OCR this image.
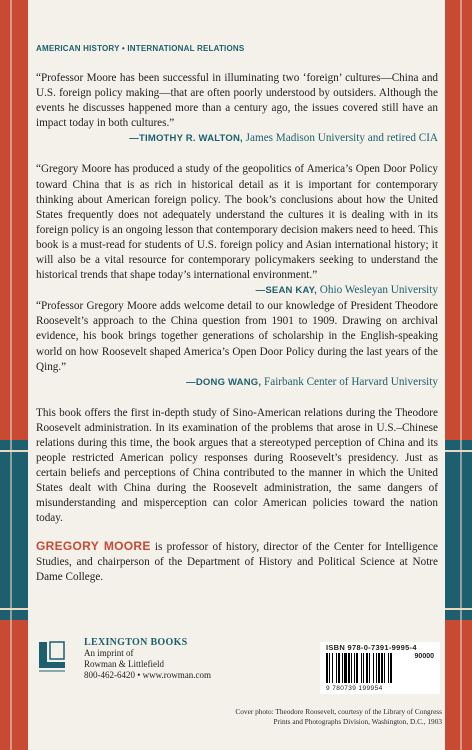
AMERICAN HISTORY • INTERNATIONAL RELATIONS

“Professor Moore has been successful in illuminating two ‘foreign’ cultures—China and U.S. foreign policy making—that are often poorly understood by outsiders. Although the events he discusses happened more than a century ago, the issues covered still have an impact today in both cultures.”

—TIMOTHY R. WALTON, James Madison University and retired CIA

“Gregory Moore has produced a study of the geopolitics of America’s Open Door Policy toward China that is as rich in historical detail as it is important for contemporary thinking about American foreign policy. The book’s conclusions about how the United States frequently does not adequately understand the cultures it is dealing with in its foreign policy is an ongoing lesson that contemporary decision makers need to heed. This book is a must-read for students of U.S. foreign policy and Asian international history; it will also be a vital resource for contemporary policymakers seeking to understand the historical trends that shape today’s international environment.”
—SEAN KAY, Ohio Wesleyan University

“Professor Gregory Moore adds welcome detail to our knowledge of President Theodore Roosevelt’s approach to the China question from 1901 to 1909. Drawing on archival evidence, his book brings together generations of scholarship in the English-speaking world on how Roosevelt shaped America’s Open Door Policy during the last years of the Qing.”

—DONG WANG, Fairbank Center of Harvard University

This book offers the first in-depth study of Sino-American relations during the Theodore Roosevelt administration. In its examination of the problems that arose in U.S.–Chinese relations during this time, the book argues that a stereotyped perception of China and its people restricted American policy responses during Roosevelt’s presidency. Just as certain beliefs and perceptions of China contributed to the manner in which the United States dealt with China during the Roosevelt administration, the same dangers of misunderstanding and misperception can color American policies toward the nation today.

GREGORY MOORE is professor of history, director of the Center for Intelligence Studies, and chairperson of the Department of History and Political Science at Notre Dame College.

LEXINGTON BOOKS
An imprint of
Rowman & Littlefield
800-462-6420 • www.rowman.com
ISBN 978-0-7391-9995-4
90000
9 780739 199954
Cover photo: Theodore Roosevelt, courtesy of the Library of Congress
Prints and Photographs Division, Washington, D.C., 1903
